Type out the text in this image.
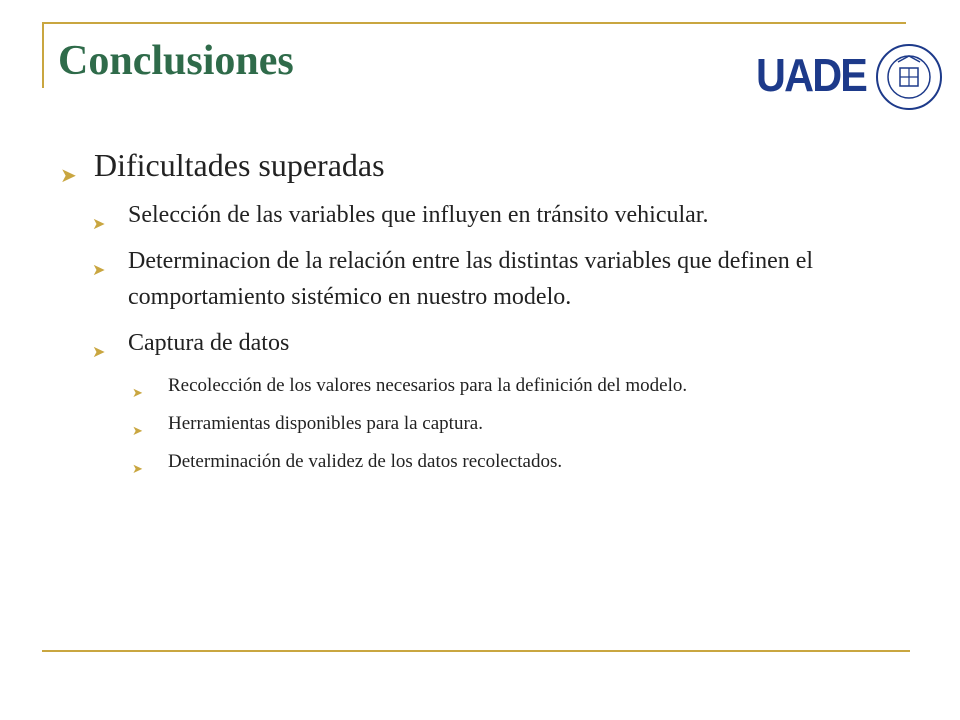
Conclusiones	UADE
➤ Dificultades superadas
➤ Selección de las variables que influyen en tránsito vehicular.
➤ Determinacion de la relación entre las distintas variables que definen el comportamiento sistémico en nuestro modelo.
➤ Captura de datos
➤ Recolección de los valores necesarios para la definición del modelo.
➤ Herramientas disponibles para la captura.
➤ Determinación de validez de los datos recolectados.
